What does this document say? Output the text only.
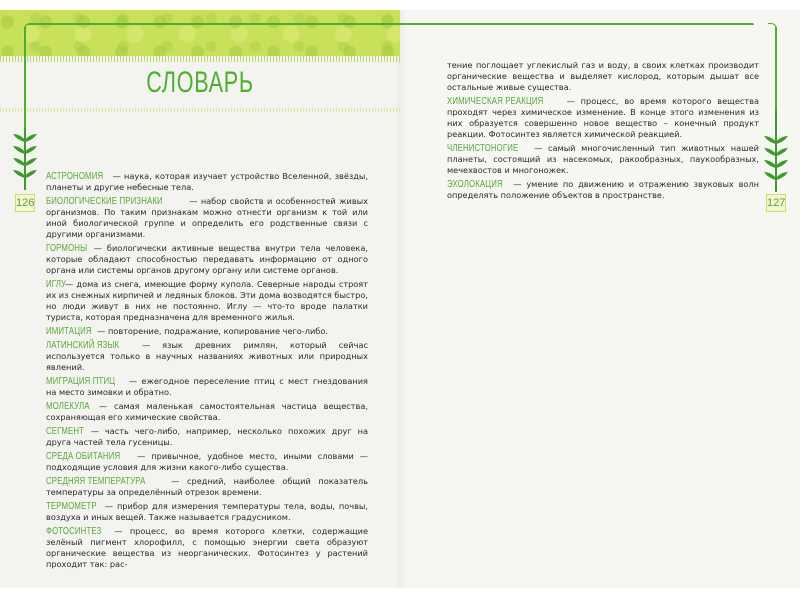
СЛОВАРЬ
126	127

АСТРОНОМИЯ — наука, которая изучает устройство Вселенной, звёзды, планеты и другие небесные тела.

БИОЛОГИЧЕСКИЕ ПРИЗНАКИ	— набор свойств и особенностей живых организмов. По таким признакам можно отнести организм к той или иной биологической группе и определить его родственные связи с другими организмами.

ГОРМОНЫ — биологически активные вещества внутри тела человека, которые обладают способностью передавать информацию от одного органа или системы органов другому органу или системе органов.

ИГЛУ — дома из снега, имеющие форму купола. Северные народы строят их из снежных кирпичей и ледяных блоков. Эти дома возводятся быстро, но люди живут в них не постоянно. Иглу — что-то вроде палатки туриста, которая предназначена для временного жилья.

ИМИТАЦИЯ — повторение, подражание, копирование чего-либо.

ЛАТИНСКИЙ ЯЗЫК — язык древних римлян, который сейчас используется только в научных названиях животных или природных явлений.

МИГРАЦИЯ ПТИЦ — ежегодное переселение птиц с мест гнездования на место зимовки и обратно.

МОЛЕКУЛА — самая маленькая самостоятельная частица вещества, сохраняющая его химические свойства.

СЕГМЕНТ — часть чего-либо, например, несколько похожих друг на друга частей тела гусеницы.

СРЕДА ОБИТАНИЯ — привычное, удобное место, иными словами — подходящие условия для жизни какого-либо существа.

СРЕДНЯЯ ТЕМПЕРАТУРА — средний, наиболее общий показатель температуры за определённый отрезок времени.

ТЕРМОМЕТР — прибор для измерения температуры тела, воды, почвы, воздуха и иных вещей. Также называется градусником.

ФОТОСИНТЕЗ — процесс, во время которого клетки, содержащие зелёный пигмент хлорофилл, с помощью энергии света образуют органические вещества из неорганических. Фотосинтез у растений проходит так: рас-

тение поглощает углекислый газ и воду, в своих клетках производит органические вещества и выделяет кислород, которым дышат все остальные живые существа.

ХИМИЧЕСКАЯ РЕАКЦИЯ — процесс, во время которого вещества проходят через химическое изменение. В конце этого изменения из них образуется совершенно новое вещество – конечный продукт реакции. Фотосинтез является химической реакцией.

ЧЛЕНИСТОНОГИЕ — самый многочисленный тип животных нашей планеты, состоящий из насекомых, ракообразных, паукообразных, мечехвостов и многоножек.

ЭХОЛОКАЦИЯ — умение по движению и отражению звуковых волн определять положение объектов в пространстве.
